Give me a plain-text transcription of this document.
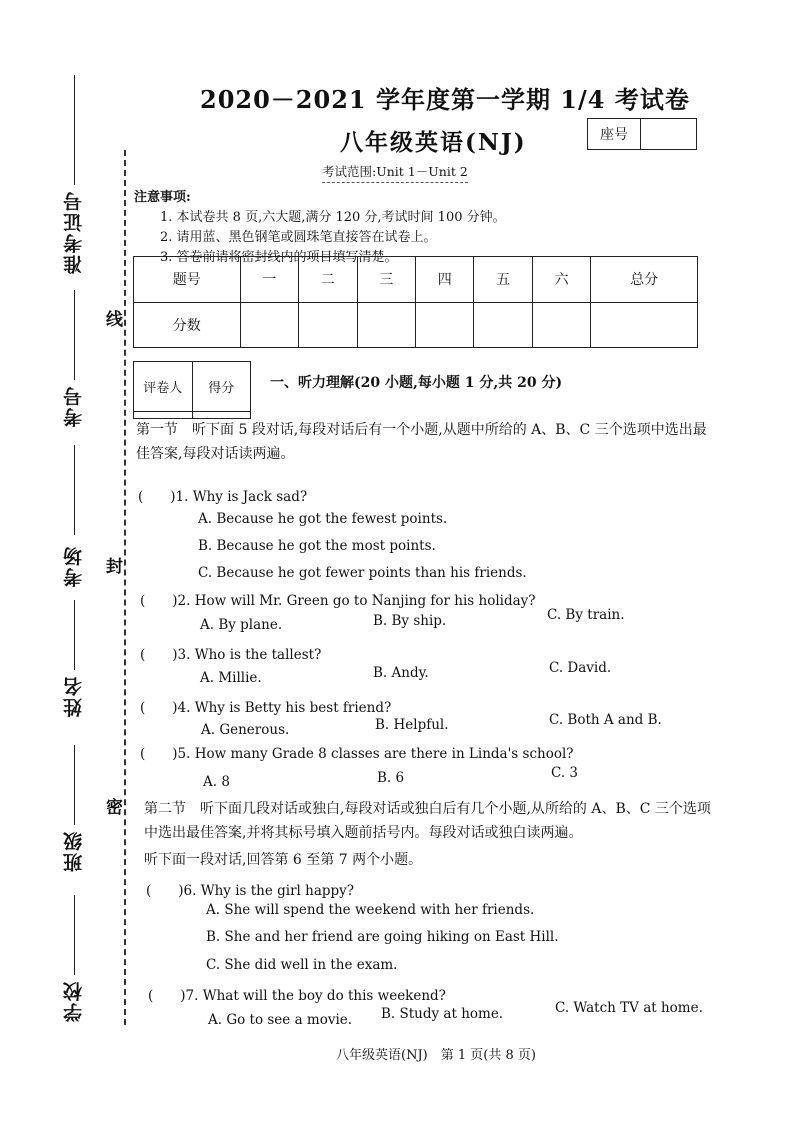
准考证号
考号
考场
姓名
班级
学校
线
封
密
2020－2021 学年度第一学期 1/4 考试卷
八年级英语(NJ)
考试范围:Unit 1－Unit 2
座号
注意事项:
1. 本试卷共 8 页,六大题,满分 120 分,考试时间 100 分钟。
2. 请用蓝、黑色钢笔或圆珠笔直接答在试卷上。
3. 答卷前请将密封线内的项目填写清楚。
题号	一	二	三	四	五	六	总分
分数							
评卷人	得分
		一、听力理解(20 小题,每小题 1 分,共 20 分)
第一节　听下面 5 段对话,每段对话后有一个小题,从题中所给的 A、B、C 三个选项中选出最佳答案,每段对话读两遍。
(　　)1. Why is Jack sad?
A. Because he got the fewest points.
B. Because he got the most points.
C. Because he got fewer points than his friends.
(　　)2. How will Mr. Green go to Nanjing for his holiday?
A. By plane.	B. By ship.	C. By train.
(　　)3. Who is the tallest?
A. Millie.	B. Andy.	C. David.
(　　)4. Why is Betty his best friend?
A. Generous.	B. Helpful.	C. Both A and B.
(　　)5. How many Grade 8 classes are there in Linda's school?
A. 8	B. 6	C. 3
第二节　听下面几段对话或独白,每段对话或独白后有几个小题,从所给的 A、B、C 三个选项中选出最佳答案,并将其标号填入题前括号内。每段对话或独白读两遍。
听下面一段对话,回答第 6 至第 7 两个小题。
(　　)6. Why is the girl happy?
A. She will spend the weekend with her friends.
B. She and her friend are going hiking on East Hill.
C. She did well in the exam.
(　　)7. What will the boy do this weekend?
A. Go to see a movie. B. Study at home.	C. Watch TV at home.
八年级英语(NJ)　第 1 页(共 8 页)
